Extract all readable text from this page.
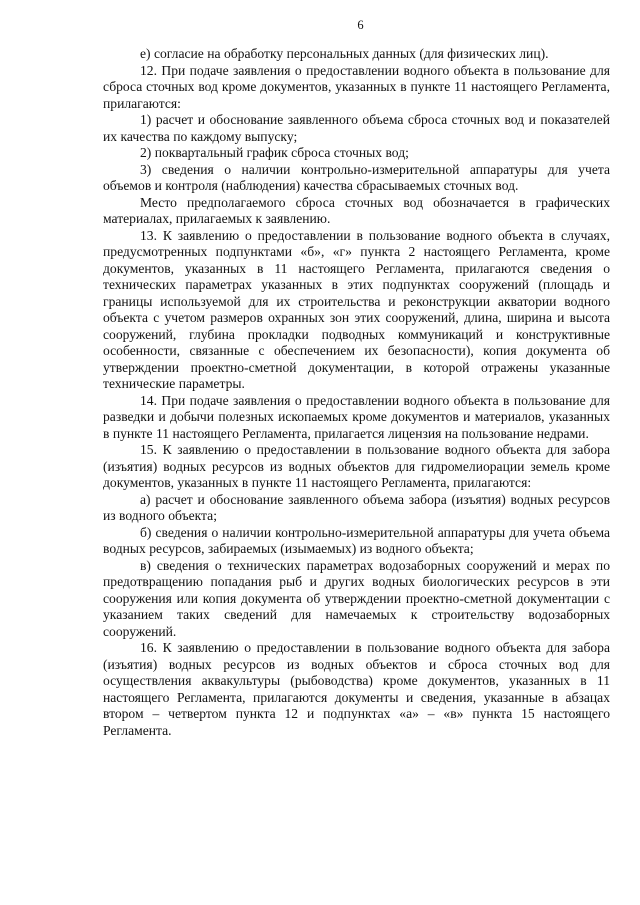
6

е) согласие на обработку персональных данных (для физических лиц).

12. При подаче заявления о предоставлении водного объекта в пользование для сброса сточных вод кроме документов, указанных в пункте 11 настоящего Регламента, прилагаются:

1) расчет и обоснование заявленного объема сброса сточных вод и показателей их качества по каждому выпуску;

2) поквартальный график сброса сточных вод;

3) сведения о наличии контрольно-измерительной аппаратуры для учета объемов и контроля (наблюдения) качества сбрасываемых сточных вод.

Место предполагаемого сброса сточных вод обозначается в графических материалах, прилагаемых к заявлению.

13. К заявлению о предоставлении в пользование водного объекта в случаях, предусмотренных подпунктами «б», «г» пункта 2 настоящего Регламента, кроме документов, указанных в 11 настоящего Регламента, прилагаются сведения о технических параметрах указанных в этих подпунктах сооружений (площадь и границы используемой для их строительства и реконструкции акватории водного объекта с учетом размеров охранных зон этих сооружений, длина, ширина и высота сооружений, глубина прокладки подводных коммуникаций и конструктивные особенности, связанные с обеспечением их безопасности), копия документа об утверждении проектно-сметной документации, в которой отражены указанные технические параметры.

14. При подаче заявления о предоставлении водного объекта в пользование для разведки и добычи полезных ископаемых кроме документов и материалов, указанных в пункте 11 настоящего Регламента, прилагается лицензия на пользование недрами.

15. К заявлению о предоставлении в пользование водного объекта для забора (изъятия) водных ресурсов из водных объектов для гидромелиорации земель кроме документов, указанных в пункте 11 настоящего Регламента, прилагаются:

а) расчет и обоснование заявленного объема забора (изъятия) водных ресурсов из водного объекта;

б) сведения о наличии контрольно-измерительной аппаратуры для учета объема водных ресурсов, забираемых (изымаемых) из водного объекта;

в) сведения о технических параметрах водозаборных сооружений и мерах по предотвращению попадания рыб и других водных биологических ресурсов в эти сооружения или копия документа об утверждении проектно-сметной документации с указанием таких сведений для намечаемых к строительству водозаборных сооружений.

16. К заявлению о предоставлении в пользование водного объекта для забора (изъятия) водных ресурсов из водных объектов и сброса сточных вод для осуществления аквакультуры (рыбоводства) кроме документов, указанных в 11 настоящего Регламента, прилагаются документы и сведения, указанные в абзацах втором – четвертом пункта 12 и подпунктах «а» – «в» пункта 15 настоящего Регламента.
